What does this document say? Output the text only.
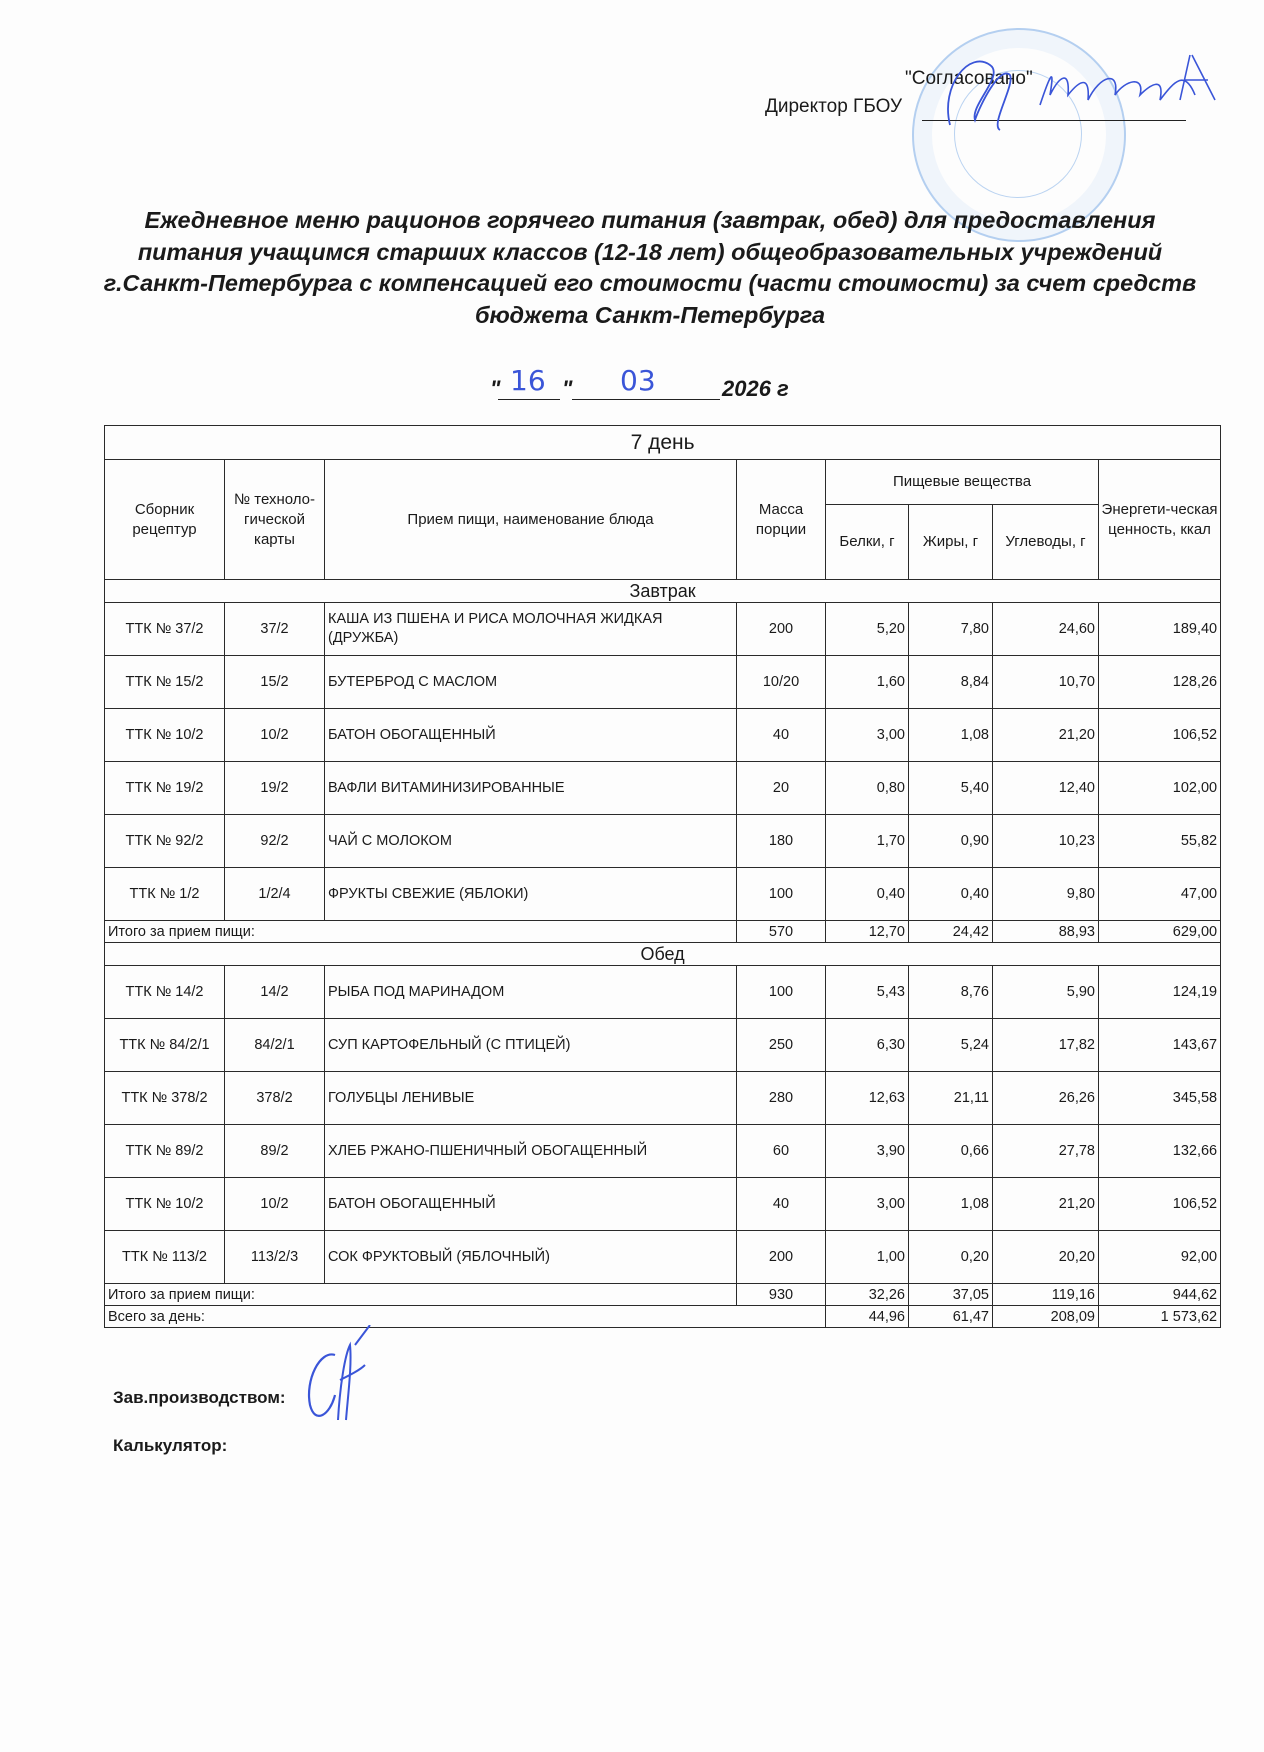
"Согласовано"
Директор ГБОУ
Ежедневное меню рационов горячего питания (завтрак, обед) для предоставления питания учащимся старших классов (12-18 лет) общеобразовательных учреждений г.Санкт-Петербурга с компенсацией его стоимости (части стоимости) за счет средств бюджета Санкт-Петербурга
" 16 " 03	2026 г
7 день							
Сборник рецептур	№ техноло-гической карты	Прием пищи, наименование блюда	Масса порции	Пищевые вещества			Энергети-ческая ценность, ккал
				Белки, г	Жиры, г	Углеводы, г	
Завтрак							
ТТК № 37/2	37/2	КАША ИЗ ПШЕНА И РИСА МОЛОЧНАЯ ЖИДКАЯ (ДРУЖБА)	200	5,20	7,80	24,60	189,40
ТТК № 15/2	15/2	БУТЕРБРОД С МАСЛОМ	10/20	1,60	8,84	10,70	128,26
ТТК № 10/2	10/2	БАТОН ОБОГАЩЕННЫЙ	40	3,00	1,08	21,20	106,52
ТТК № 19/2	19/2	ВАФЛИ ВИТАМИНИЗИРОВАННЫЕ	20	0,80	5,40	12,40	102,00
ТТК № 92/2	92/2	ЧАЙ С МОЛОКОМ	180	1,70	0,90	10,23	55,82
ТТК № 1/2	1/2/4	ФРУКТЫ СВЕЖИЕ (ЯБЛОКИ)	100	0,40	0,40	9,80	47,00
Итого за прием пищи:			570	12,70	24,42	88,93	629,00
Обед							
ТТК № 14/2	14/2	РЫБА ПОД МАРИНАДОМ	100	5,43	8,76	5,90	124,19
ТТК № 84/2/1	84/2/1	СУП КАРТОФЕЛЬНЫЙ (С ПТИЦЕЙ)	250	6,30	5,24	17,82	143,67
ТТК № 378/2	378/2	ГОЛУБЦЫ ЛЕНИВЫЕ	280	12,63	21,11	26,26	345,58
ТТК № 89/2	89/2	ХЛЕБ РЖАНО-ПШЕНИЧНЫЙ ОБОГАЩЕННЫЙ	60	3,90	0,66	27,78	132,66
ТТК № 10/2	10/2	БАТОН ОБОГАЩЕННЫЙ	40	3,00	1,08	21,20	106,52
ТТК № 113/2	113/2/3	СОК ФРУКТОВЫЙ (ЯБЛОЧНЫЙ)	200	1,00	0,20	20,20	92,00
Итого за прием пищи:			930	32,26	37,05	119,16	944,62
Всего за день:				44,96	61,47	208,09	1 573,62
Зав.производством:
Калькулятор:
